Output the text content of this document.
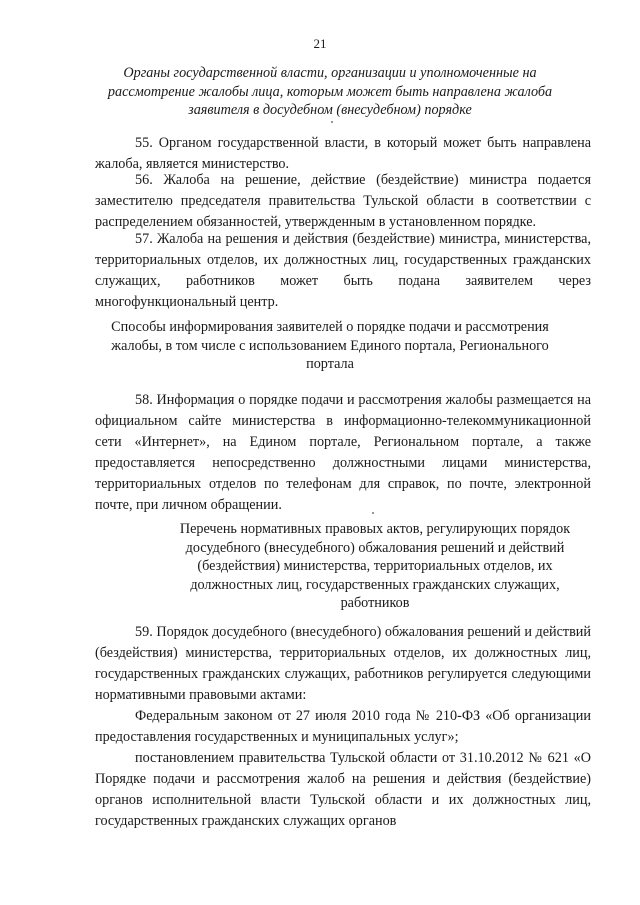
21
Органы государственной власти, организации и уполномоченные на рассмотрение жалобы лица, которым может быть направлена жалоба заявителя в досудебном (внесудебном) порядке

55. Органом государственной власти, в который может быть направлена жалоба, является министерство.

56. Жалоба на решение, действие (бездействие) министра подается заместителю председателя правительства Тульской области в соответствии с распределением обязанностей, утвержденным в установленном порядке.

57. Жалоба на решения и действия (бездействие) министра, министерства, территориальных отделов, их должностных лиц, государственных гражданских служащих, работников может быть подана заявителем через многофункциональный центр.

Способы информирования заявителей о порядке подачи и рассмотрения жалобы, в том числе с использованием Единого портала, Регионального портала

58. Информация о порядке подачи и рассмотрения жалобы размещается на официальном сайте министерства в информационно-телекоммуникационной сети «Интернет», на Едином портале, Региональном портале, а также предоставляется непосредственно должностными лицами министерства, территориальных отделов по телефонам для справок, по почте, электронной почте, при личном обращении.

Перечень нормативных правовых актов, регулирующих порядок досудебного (внесудебного) обжалования решений и действий (бездействия) министерства, территориальных отделов, их должностных лиц, государственных гражданских служащих, работников

59. Порядок досудебного (внесудебного) обжалования решений и действий (бездействия) министерства, территориальных отделов, их должностных лиц, государственных гражданских служащих, работников регулируется следующими нормативными правовыми актами:

Федеральным законом от 27 июля 2010 года № 210-ФЗ «Об организации предоставления государственных и муниципальных услуг»;

постановлением правительства Тульской области от 31.10.2012 № 621 «О Порядке подачи и рассмотрения жалоб на решения и действия (бездействие) органов исполнительной власти Тульской области и их должностных лиц, государственных гражданских служащих органов
